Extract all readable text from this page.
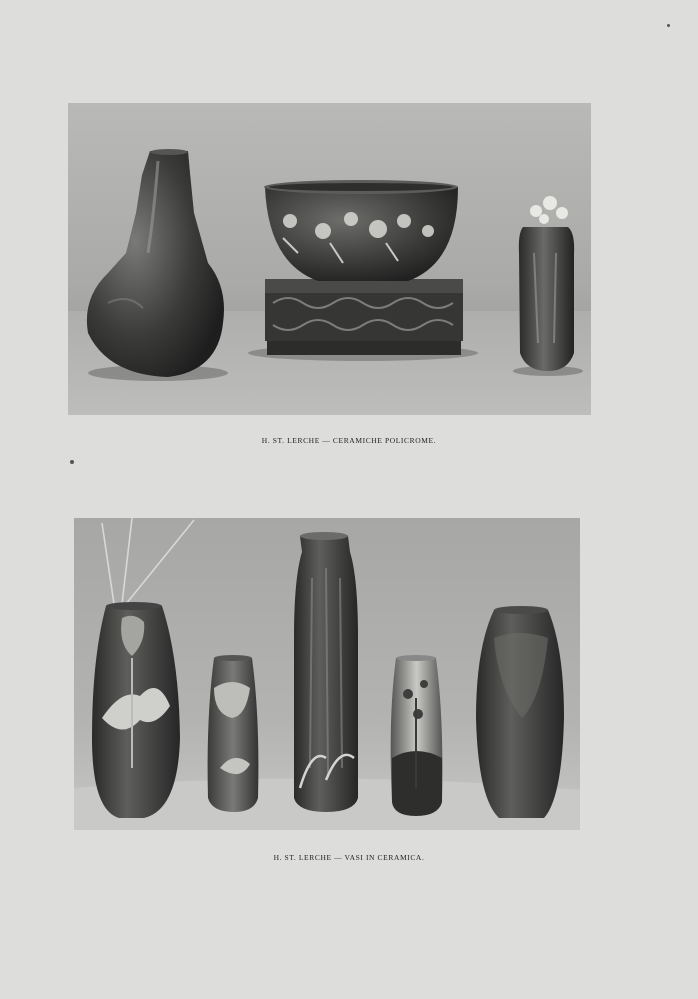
H. ST. LERCHE — CERAMICHE POLICROME.
H. ST. LERCHE — VASI IN CERAMICA.
